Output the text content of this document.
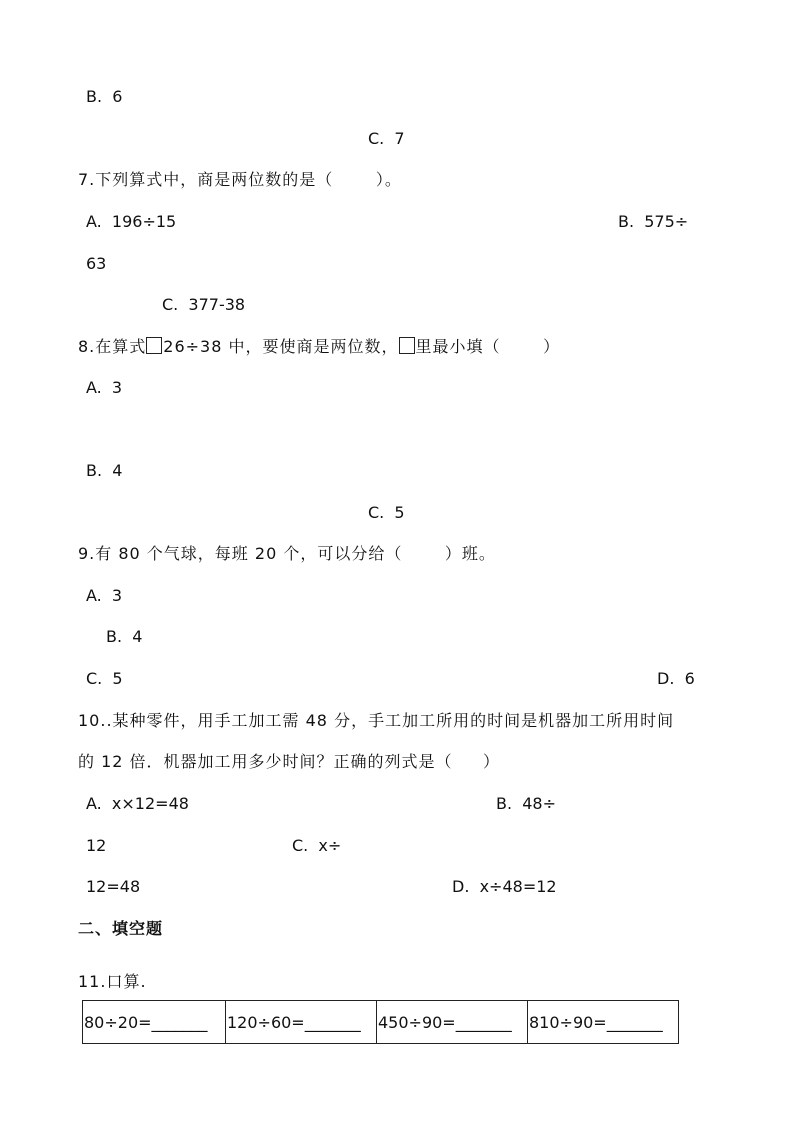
B.  6
C.  7
7.下列算式中，商是两位数的是（       ）。
A.  196÷15	B.  575÷
63
C.  377-38
8.在算式 26÷38 中，要使商是两位数， 里最小填（       ）
A.  3
B.  4
C.  5
9.有 80 个气球，每班 20 个，可以分给（       ）班。
A.  3
B.  4
C.  5	D.  6
10..某种零件，用手工加工需 48 分，手工加工所用的时间是机器加工所用时间
的 12 倍．机器加工用多少时间？正确的列式是（     ）
A.  x×12=48	B.  48÷
12	C.  x÷
12=48	D.  x÷48=12
二、填空题
11.口算.
80÷20=_______	120÷60=_______	450÷90=_______	810÷90=_______
